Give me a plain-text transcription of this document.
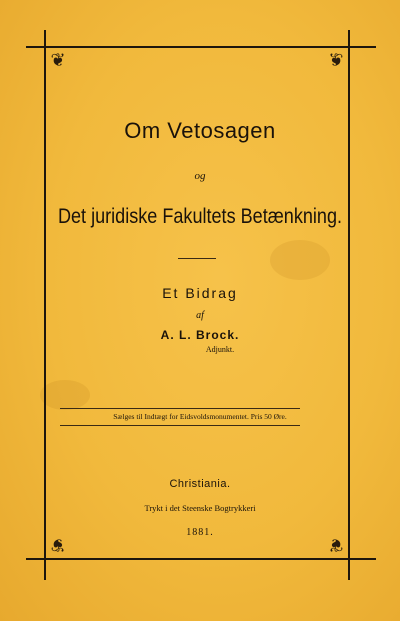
❦	❦
❦	❦
Om Vetosagen
og
Det juridiske Fakultets Betænkning.
Et Bidrag
af
A. L. Brock.
Adjunkt.
Sælges til Indtægt for Eidsvoldsmonumentet. Pris 50 Øre.
Christiania.
Trykt i det Steenske Bogtrykkeri
1881.
